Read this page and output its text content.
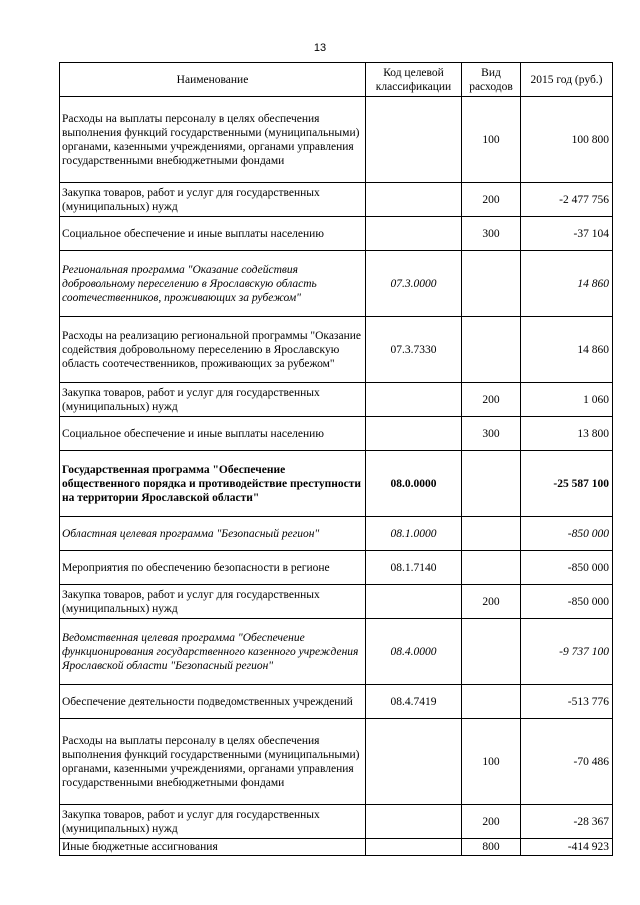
13
Наименование	Код целевой классификации	Вид расходов	2015 год (руб.)
Расходы на выплаты персоналу в целях обеспечения выполнения функций государственными (муниципальными) органами, казенными учреждениями, органами управления государственными внебюджетными фондами		100	100 800
Закупка товаров, работ и услуг для государственных (муниципальных) нужд		200	-2 477 756
Социальное обеспечение и иные выплаты населению		300	-37 104
Региональная программа "Оказание содействия добровольному переселению в Ярославскую область соотечественников, проживающих за рубежом"	07.3.0000		14 860
Расходы на реализацию региональной программы "Оказание содействия добровольному переселению в Ярославскую область соотечественников, проживающих за рубежом"	07.3.7330		14 860
Закупка товаров, работ и услуг для государственных (муниципальных) нужд		200	1 060
Социальное обеспечение и иные выплаты населению		300	13 800
Государственная программа "Обеспечение общественного порядка и противодействие преступности на территории Ярославской области"	08.0.0000		-25 587 100
Областная целевая программа "Безопасный регион"	08.1.0000		-850 000
Мероприятия по обеспечению безопасности в регионе	08.1.7140		-850 000
Закупка товаров, работ и услуг для государственных (муниципальных) нужд		200	-850 000
Ведомственная целевая программа "Обеспечение функционирования государственного казенного учреждения Ярославской области "Безопасный регион"	08.4.0000		-9 737 100
Обеспечение деятельности подведомственных учреждений	08.4.7419		-513 776
Расходы на выплаты персоналу в целях обеспечения выполнения функций государственными (муниципальными) органами, казенными учреждениями, органами управления государственными внебюджетными фондами		100	-70 486
Закупка товаров, работ и услуг для государственных (муниципальных) нужд		200	-28 367
Иные бюджетные ассигнования		800	-414 923
